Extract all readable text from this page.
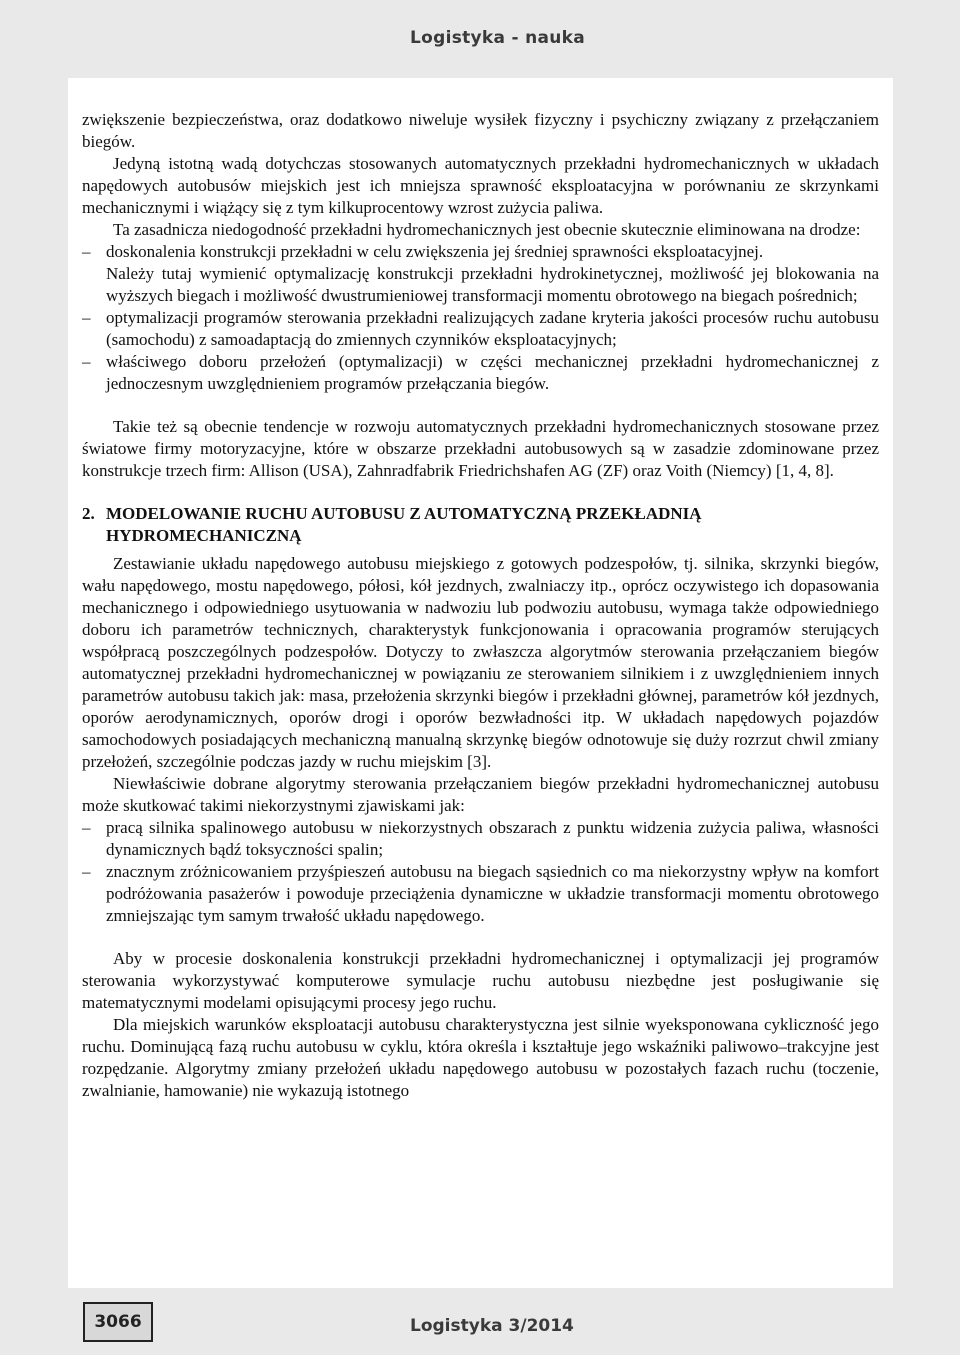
Logistyka - nauka

zwiększenie bezpieczeństwa, oraz dodatkowo niweluje wysiłek fizyczny i psychiczny związany z przełączaniem biegów.

Jedyną istotną wadą dotychczas stosowanych automatycznych przekładni hydromechanicznych w układach napędowych autobusów miejskich jest ich mniejsza sprawność eksploatacyjna w porównaniu ze skrzynkami mechanicznymi i wiążący się z tym kilkuprocentowy wzrost zużycia paliwa.

Ta zasadnicza niedogodność przekładni hydromechanicznych jest obecnie skutecznie eliminowana na drodze:

– doskonalenia konstrukcji przekładni w celu zwiększenia jej średniej sprawności eksploatacyjnej.

Należy tutaj wymienić optymalizację konstrukcji przekładni hydrokinetycznej, możliwość jej blokowania na wyższych biegach i możliwość dwustrumieniowej transformacji momentu obrotowego na biegach pośrednich;

– optymalizacji programów sterowania przekładni realizujących zadane kryteria jakości procesów ruchu autobusu (samochodu) z samoadaptacją do zmiennych czynników eksploatacyjnych;
– właściwego doboru przełożeń (optymalizacji) w części mechanicznej przekładni hydromechanicznej z jednoczesnym uwzględnieniem programów przełączania biegów.

Takie też są obecnie tendencje w rozwoju automatycznych przekładni hydromechanicznych stosowane przez światowe firmy motoryzacyjne, które w obszarze przekładni autobusowych są w zasadzie zdominowane przez konstrukcje trzech firm: Allison (USA), Zahnradfabrik Friedrichshafen AG (ZF) oraz Voith (Niemcy) [1, 4, 8].

2. MODELOWANIE RUCHU AUTOBUSU Z AUTOMATYCZNĄ PRZEKŁADNIĄ HYDROMECHANICZNĄ

Zestawianie układu napędowego autobusu miejskiego z gotowych podzespołów, tj. silnika, skrzynki biegów, wału napędowego, mostu napędowego, półosi, kół jezdnych, zwalniaczy itp., oprócz oczywistego ich dopasowania mechanicznego i odpowiedniego usytuowania w nadwoziu lub podwoziu autobusu, wymaga także odpowiedniego doboru ich parametrów technicznych, charakterystyk funkcjonowania i opracowania programów sterujących współpracą poszczególnych podzespołów. Dotyczy to zwłaszcza algorytmów sterowania przełączaniem biegów automatycznej przekładni hydromechanicznej w powiązaniu ze sterowaniem silnikiem i z uwzględnieniem innych parametrów autobusu takich jak: masa, przełożenia skrzynki biegów i przekładni głównej, parametrów kół jezdnych, oporów aerodynamicznych, oporów drogi i oporów bezwładności itp. W układach napędowych pojazdów samochodowych posiadających mechaniczną manualną skrzynkę biegów odnotowuje się duży rozrzut chwil zmiany przełożeń, szczególnie podczas jazdy w ruchu miejskim [3].

Niewłaściwie dobrane algorytmy sterowania przełączaniem biegów przekładni hydromechanicznej autobusu może skutkować takimi niekorzystnymi zjawiskami jak:

– pracą silnika spalinowego autobusu w niekorzystnych obszarach z punktu widzenia zużycia paliwa, własności dynamicznych bądź toksyczności spalin;
– znacznym zróżnicowaniem przyśpieszeń autobusu na biegach sąsiednich co ma niekorzystny wpływ na komfort podróżowania pasażerów i powoduje przeciążenia dynamiczne w układzie transformacji momentu obrotowego zmniejszając tym samym trwałość układu napędowego.

Aby w procesie doskonalenia konstrukcji przekładni hydromechanicznej i optymalizacji jej programów sterowania wykorzystywać komputerowe symulacje ruchu autobusu niezbędne jest posługiwanie się matematycznymi modelami opisującymi procesy jego ruchu.

Dla miejskich warunków eksploatacji autobusu charakterystyczna jest silnie wyeksponowana cykliczność jego ruchu. Dominującą fazą ruchu autobusu w cyklu, która określa i kształtuje jego wskaźniki paliwowo–trakcyjne jest rozpędzanie. Algorytmy zmiany przełożeń układu napędowego autobusu w pozostałych fazach ruchu (toczenie, zwalnianie, hamowanie) nie wykazują istotnego

3066	Logistyka 3/2014
